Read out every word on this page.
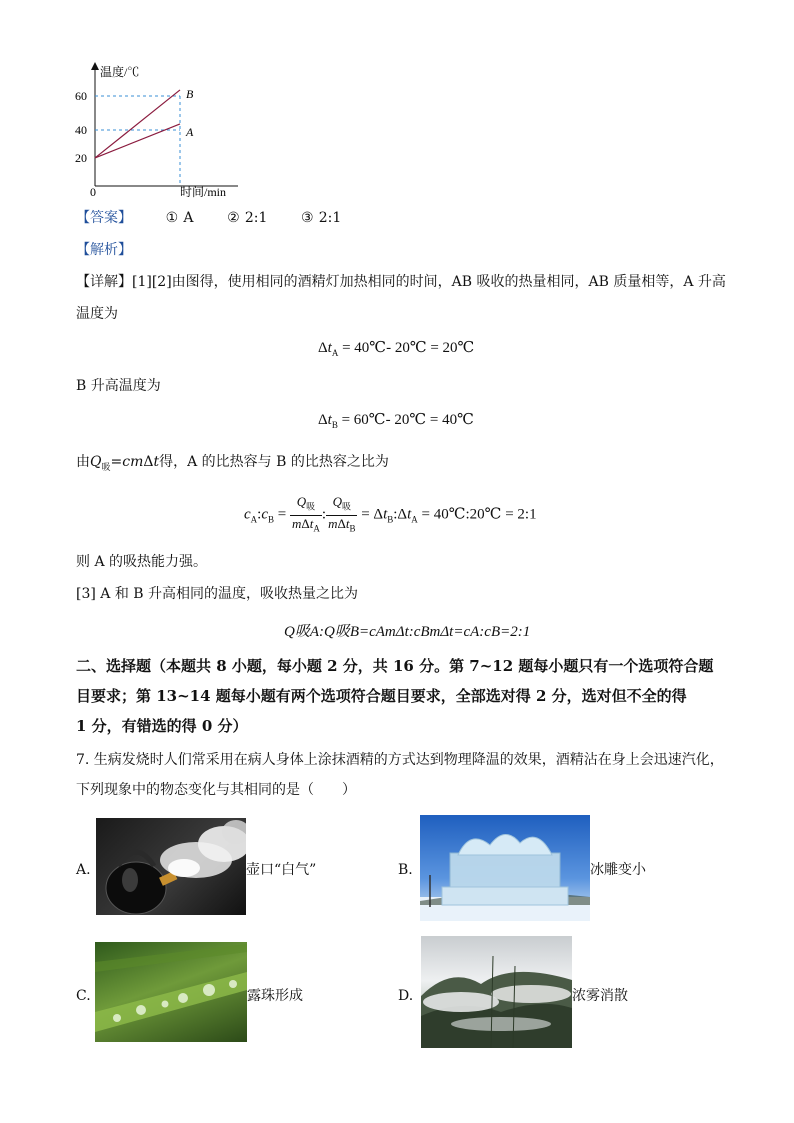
温度/℃
60
40
20
0	时间/min
B
A
【答案】 ① A ② 2:1 ③ 2:1
【解析】
【详解】[1][2]由图得，使用相同的酒精灯加热相同的时间，AB 吸收的热量相同，AB 质量相等，A 升高
温度为
$\Delta t_A$ = 40℃- 20℃ = 20℃
B 升高温度为
$\Delta t_B$ = 60℃- 20℃ = 40℃
由$Q_吸=cm\Delta t$得，A 的比热容与 B 的比热容之比为
$c_A:c_B = \frac{Q_吸}{m\Delta t_A}$ : $\frac{Q_吸}{m\Delta t_B}$ = $\Delta t_B:\Delta t_A$ = 40℃:20℃ = 2:1
则 A 的吸热能力强。
[3] A 和 B 升高相同的温度，吸收热量之比为
Q吸A:Q吸B=cAmΔt:cBmΔt=cA:cB=2:1
二、选择题（本题共 8 小题，每小题 2 分，共 16 分。第 7~12 题每小题只有一个选项符合题
目要求；第 13~14 题每小题有两个选项符合题目要求，全部选对得 2 分，选对但不全的得
1 分，有错选的得 0 分）
7. 生病发烧时人们常采用在病人身体上涂抹酒精的方式达到物理降温的效果，酒精沾在身上会迅速汽化，
下列现象中的物态变化与其相同的是（　　）
A.	壶口“白气”	B.	冰雕变小
C.	露珠形成	D.	浓雾消散
